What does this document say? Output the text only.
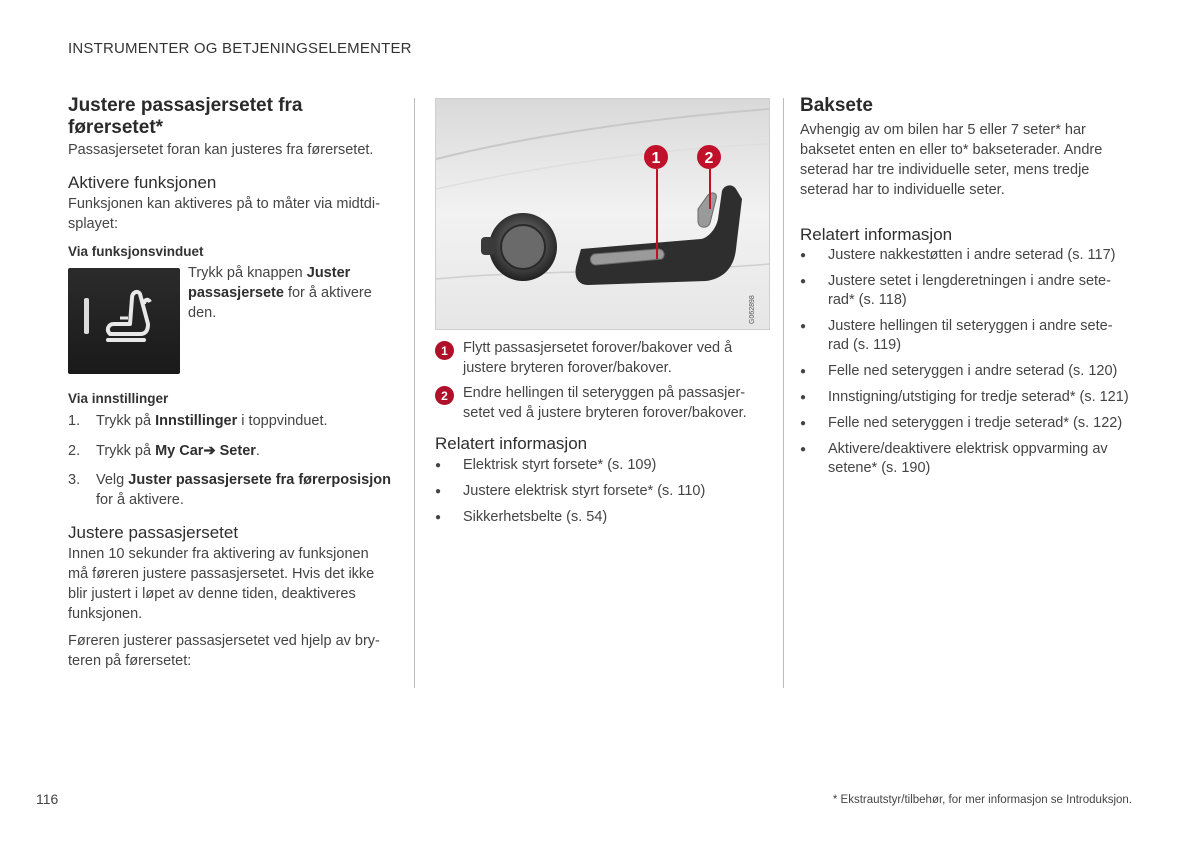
INSTRUMENTER OG BETJENINGSELEMENTER
Justere passasjersetet fra førersetet*
Passasjersetet foran kan justeres fra førersetet.
Aktivere funksjonen
Funksjonen kan aktiveres på to måter via midtdi-splayet:
Via funksjonsvinduet
Trykk på knappen Juster passasjersete for å aktivere den.
Via innstillinger
1. Trykk på Innstillinger i toppvinduet.
2. Trykk på My Car➔ Seter.
3. Velg Juster passasjersete fra førerposisjon for å aktivere.
Justere passasjersetet
Innen 10 sekunder fra aktivering av funksjonen må føreren justere passasjersetet. Hvis det ikke blir justert i løpet av denne tiden, deaktiveres funksjonen.
Føreren justerer passasjersetet ved hjelp av bry-teren på førersetet:
1	2
G062898
1	Flytt passasjersetet forover/bakover ved å justere bryteren forover/bakover.
2	Endre hellingen til seteryggen på passasjer-setet ved å justere bryteren forover/bakover.
Relatert informasjon
● Elektrisk styrt forsete* (s. 109)
● Justere elektrisk styrt forsete* (s. 110)
● Sikkerhetsbelte (s. 54)
Baksete
Avhengig av om bilen har 5 eller 7 seter* har baksetet enten en eller to* bakseterader. Andre seterad har tre individuelle seter, mens tredje seterad har to individuelle seter.
Relatert informasjon
● Justere nakkestøtten i andre seterad (s. 117)
● Justere setet i lengderetningen i andre sete-rad* (s. 118)
● Justere hellingen til seteryggen i andre sete-rad (s. 119)
● Felle ned seteryggen i andre seterad (s. 120)
● Innstigning/utstiging for tredje seterad* (s. 121)
● Felle ned seteryggen i tredje seterad* (s. 122)
● Aktivere/deaktivere elektrisk oppvarming av setene* (s. 190)
116	* Ekstrautstyr/tilbehør, for mer informasjon se Introduksjon.
